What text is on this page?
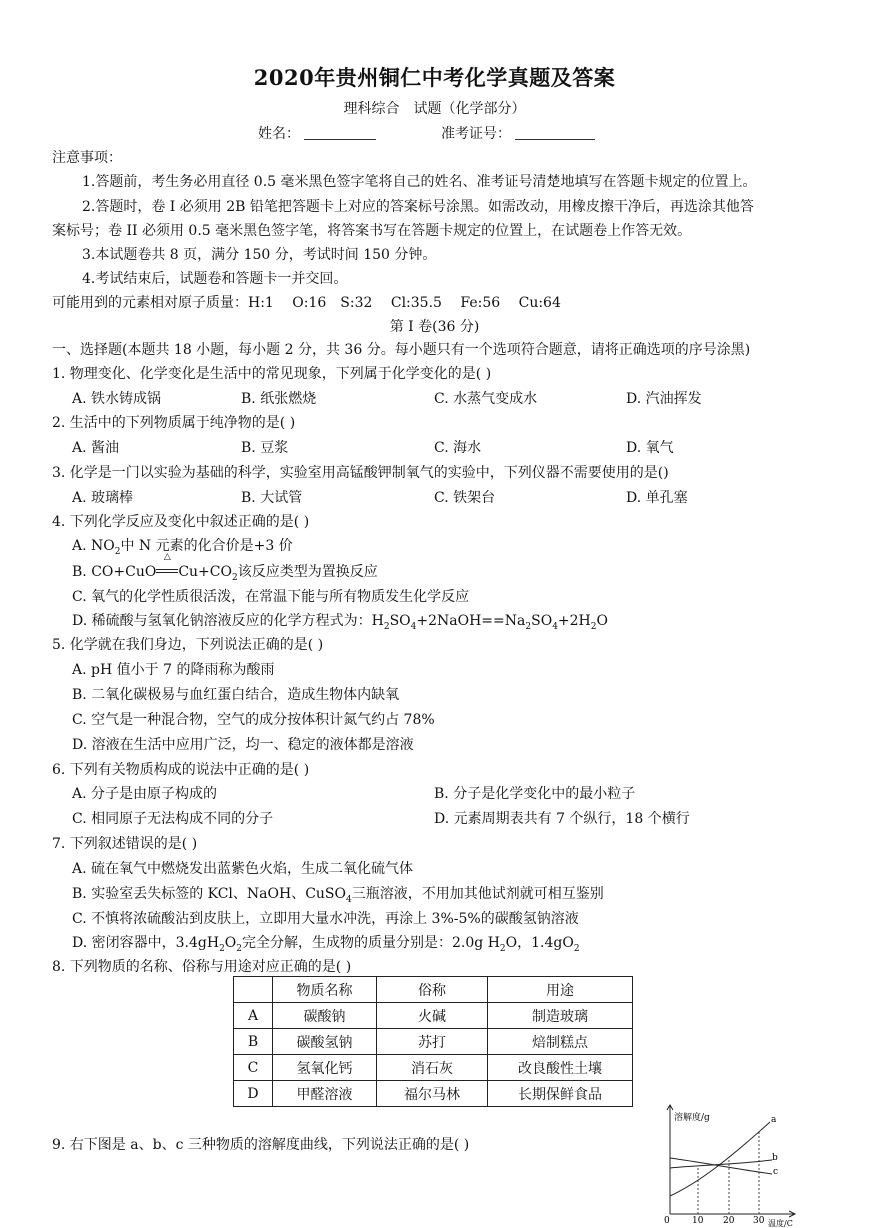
2020年贵州铜仁中考化学真题及答案
理科综合　试题（化学部分）
姓名：	准考证号：
注意事项：
1.答题前，考生务必用直径 0.5 毫米黑色签字笔将自己的姓名、准考证号清楚地填写在答题卡规定的位置上。
2.答题时，卷 I 必须用 2B 铅笔把答题卡上对应的答案标号涂黑。如需改动，用橡皮擦干净后，再选涂其他答
案标号；卷 II 必须用 0.5 毫米黑色签字笔，将答案书写在答题卡规定的位置上，在试题卷上作答无效。
3.本试题卷共 8 页，满分 150 分，考试时间 150 分钟。
4.考试结束后，试题卷和答题卡一并交回。
可能用到的元素相对原子质量：H:1　 O:16　S:32　 Cl:35.5　 Fe:56　 Cu:64
第 I 卷(36 分)
一、选择题(本题共 18 小题，每小题 2 分，共 36 分。每小题只有一个选项符合题意，请将正确选项的序号涂黑)
1. 物理变化、化学变化是生活中的常见现象，下列属于化学变化的是( )
A. 铁水铸成锅	B. 纸张燃烧	C. 水蒸气变成水	D. 汽油挥发
2. 生活中的下列物质属于纯净物的是( )
A. 酱油	B. 豆浆	C. 海水	D. 氧气
3. 化学是一门以实验为基础的科学，实验室用高锰酸钾制氧气的实验中，下列仪器不需要使用的是()
A. 玻璃棒	B. 大试管	C. 铁架台	D. 单孔塞
4. 下列化学反应及变化中叙述正确的是( )
A. $NO_2$中 N 元素的化合价是+3 价
B. CO+CuO
△
$Cu+CO_2$该反应类型为置换反应
C. 氧气的化学性质很活泼，在常温下能与所有物质发生化学反应
D. 稀硫酸与氢氧化钠溶液反应的化学方程式为：$H_2SO_4+2NaOH==Na_2SO_4+2H_2O$
5. 化学就在我们身边，下列说法正确的是( )
A. pH 值小于 7 的降雨称为酸雨
B. 二氧化碳极易与血红蛋白结合，造成生物体内缺氧
C. 空气是一种混合物，空气的成分按体积计氮气约占 78%
D. 溶液在生活中应用广泛，均一、稳定的液体都是溶液
6. 下列有关物质构成的说法中正确的是( )
A. 分子是由原子构成的	B. 分子是化学变化中的最小粒子
C. 相同原子无法构成不同的分子	D. 元素周期表共有 7 个纵行，18 个横行
7. 下列叙述错误的是( )
A. 硫在氧气中燃烧发出蓝紫色火焰，生成二氧化硫气体
B. 实验室丢失标签的 KCl、NaOH、CuSO$_4$三瓶溶液，不用加其他试剂就可相互鉴别
C. 不慎将浓硫酸沾到皮肤上，立即用大量水冲洗，再涂上 3%-5%的碳酸氢钠溶液
D. 密闭容器中，$3.4gH_2O_2$完全分解，生成物的质量分别是：2.0g $H_2O$，$1.4gO_2$
8. 下列物质的名称、俗称与用途对应正确的是( )
	物质名称	俗称	用途
A	碳酸钠	火碱	制造玻璃
B	碳酸氢钠	苏打	焙制糕点
C	氢氧化钙	消石灰	改良酸性土壤
D	甲醛溶液	福尔马林	长期保鲜食品
9. 右下图是 a、b、c 三种物质的溶解度曲线，下列说法正确的是( )
溶解度/g	a
b
c
0 10 20 30 温度/C
